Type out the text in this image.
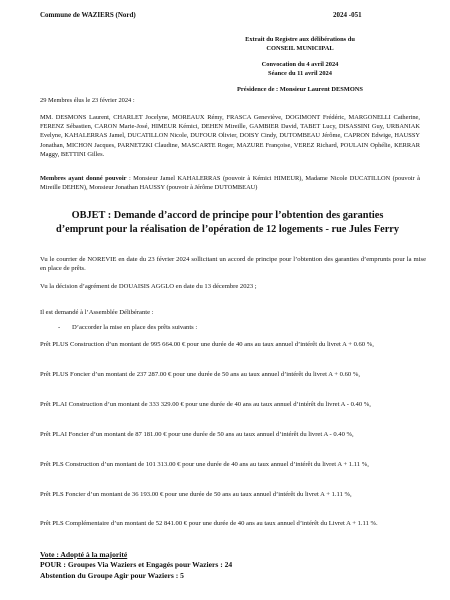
Commune de WAZIERS (Nord)	2024 -051
Extrait du Registre aux délibérations du
CONSEIL MUNICIPAL
Convocation du 4 avril 2024
Séance du 11 avril 2024
Présidence de : Monsieur Laurent DESMONS
29 Membres élus le 23 février 2024 :
MM. DESMONS Laurent, CHARLET Jocelyne, MOREAUX Rémy, FRASCA Geneviève, DOGIMONT Frédéric, MARGONELLI Catherine, FERENZ Sébastien, CARON Marie-José, HIMEUR Kémici, DEHEN Mireille, GAMBIER David, TABET Lucy, DISASSINI Guy, URBANIAK Evelyne, KAHALERRAS Jamel, DUCATILLON Nicole, DUFOUR Olivier, DOISY Cindy, DUTOMBEAU Jérôme, CAPRON Edwige, HAUSSY Jonathan, MICHON Jacques, PARNETZKI Claudine, MASCARTE Roger, MAZURE Françoise, VEREZ Richard, POULAIN Ophélie, KERRAR Maggy, BETTINI Gilles.
Membres ayant donné pouvoir : Monsieur Jamel KAHALERRAS (pouvoir à Kémici HIMEUR), Madame Nicole DUCATILLON (pouvoir à Mireille DEHEN), Monsieur Jonathan HAUSSY (pouvoir à Jérôme DUTOMBEAU)
OBJET : Demande d’accord de principe pour l’obtention des garanties
d’emprunt pour la réalisation de l’opération de 12 logements - rue Jules Ferry
Vu le courrier de NOREVIE en date du 23 février 2024 sollicitant un accord de principe pour l’obtention des garanties d’emprunts pour la mise en place de prêts.
Vu la décision d’agrément de DOUAISIS AGGLO en date du 13 décembre 2023 ;
Il est demandé à l’Assemblée Délibérante :
- D’accorder la mise en place des prêts suivants :
Prêt PLUS Construction d’un montant de 995 664.00 € pour une durée de 40 ans au taux annuel d’intérêt du livret A + 0.60 %,
Prêt PLUS Foncier d’un montant de 237 287.00 € pour une durée de 50 ans au taux annuel d’intérêt du livret A + 0.60 %,
Prêt PLAI Construction d’un montant de 333 329.00 € pour une durée de 40 ans au taux annuel d’intérêt du livret A - 0.40 %,
Prêt PLAI Foncier d’un montant de 87 181.00 € pour une durée de 50 ans au taux annuel d’intérêt du livret A - 0.40 %,
Prêt PLS Construction d’un montant de 101 313.00 € pour une durée de 40 ans au taux annuel d’intérêt du livret A + 1.11 %,
Prêt PLS Foncier d’un montant de 36 193.00 € pour une durée de 50 ans au taux annuel d’intérêt du livret A + 1.11 %,
Prêt PLS Complémentaire d’un montant de 52 841.00 € pour une durée de 40 ans au taux annuel d’intérêt du Livret A + 1.11 %.
Vote : Adopté à la majorité
POUR : Groupes Via Waziers et Engagés pour Waziers : 24
Abstention du Groupe Agir pour Waziers : 5
